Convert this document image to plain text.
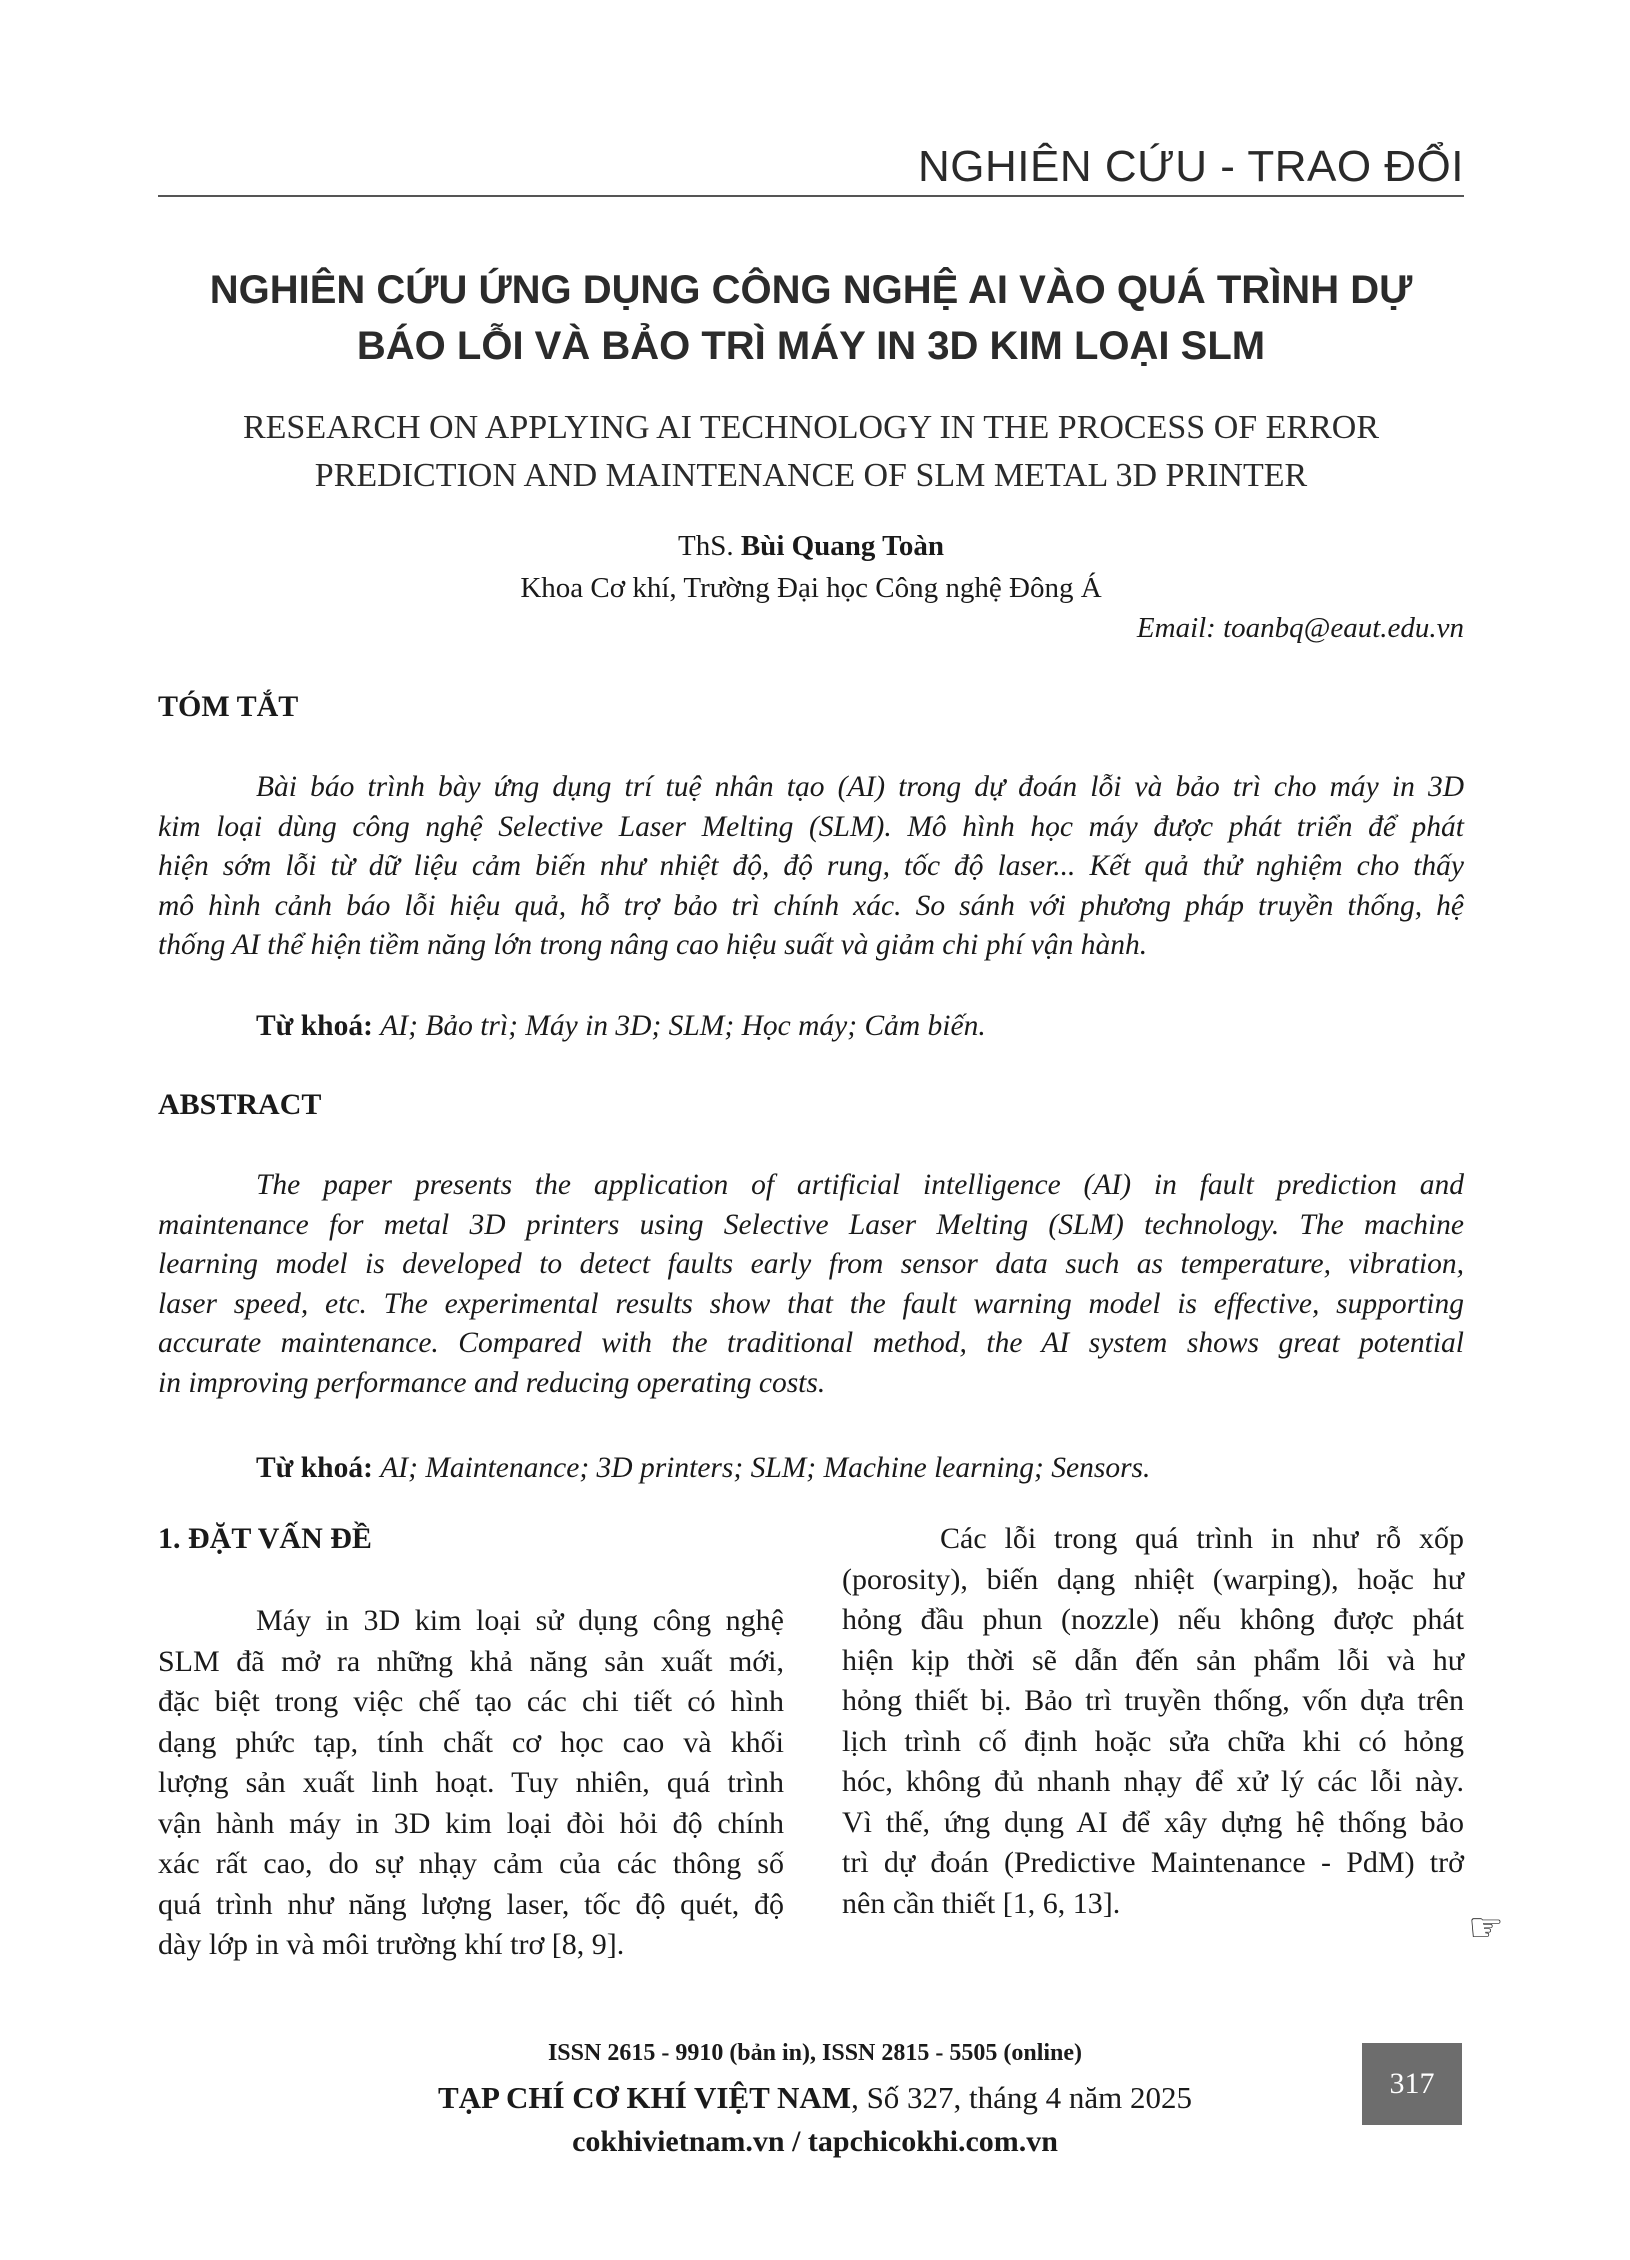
NGHIÊN CỨU - TRAO ĐỔI
NGHIÊN CỨU ỨNG DỤNG CÔNG NGHỆ AI VÀO QUÁ TRÌNH DỰ
BÁO LỖI VÀ BẢO TRÌ MÁY IN 3D KIM LOẠI SLM
RESEARCH ON APPLYING AI TECHNOLOGY IN THE PROCESS OF ERROR
PREDICTION AND MAINTENANCE OF SLM METAL 3D PRINTER
ThS. Bùi Quang Toàn
Khoa Cơ khí, Trường Đại học Công nghệ Đông Á
Email: toanbq@eaut.edu.vn
TÓM TẮT
Bài báo trình bày ứng dụng trí tuệ nhân tạo (AI) trong dự đoán lỗi và bảo trì cho máy in 3D
kim loại dùng công nghệ Selective Laser Melting (SLM). Mô hình học máy được phát triển để phát
hiện sớm lỗi từ dữ liệu cảm biến như nhiệt độ, độ rung, tốc độ laser... Kết quả thử nghiệm cho thấy
mô hình cảnh báo lỗi hiệu quả, hỗ trợ bảo trì chính xác. So sánh với phương pháp truyền thống, hệ
thống AI thể hiện tiềm năng lớn trong nâng cao hiệu suất và giảm chi phí vận hành.
Từ khoá: AI; Bảo trì; Máy in 3D; SLM; Học máy; Cảm biến.
ABSTRACT
The paper presents the application of artificial intelligence (AI) in fault prediction and
maintenance for metal 3D printers using Selective Laser Melting (SLM) technology. The machine
learning model is developed to detect faults early from sensor data such as temperature, vibration,
laser speed, etc. The experimental results show that the fault warning model is effective, supporting
accurate maintenance. Compared with the traditional method, the AI system shows great potential
in improving performance and reducing operating costs.
Từ khoá: AI; Maintenance; 3D printers; SLM; Machine learning; Sensors.
1. ĐẶT VẤN ĐỀ
Máy in 3D kim loại sử dụng công nghệ
SLM đã mở ra những khả năng sản xuất mới,
đặc biệt trong việc chế tạo các chi tiết có hình
dạng phức tạp, tính chất cơ học cao và khối
lượng sản xuất linh hoạt. Tuy nhiên, quá trình
vận hành máy in 3D kim loại đòi hỏi độ chính
xác rất cao, do sự nhạy cảm của các thông số
quá trình như năng lượng laser, tốc độ quét, độ
dày lớp in và môi trường khí trơ [8, 9].
Các lỗi trong quá trình in như rỗ xốp
(porosity), biến dạng nhiệt (warping), hoặc hư
hỏng đầu phun (nozzle) nếu không được phát
hiện kịp thời sẽ dẫn đến sản phẩm lỗi và hư
hỏng thiết bị. Bảo trì truyền thống, vốn dựa trên
lịch trình cố định hoặc sửa chữa khi có hỏng
hóc, không đủ nhanh nhạy để xử lý các lỗi này.
Vì thế, ứng dụng AI để xây dựng hệ thống bảo
trì dự đoán (Predictive Maintenance - PdM) trở
nên cần thiết [1, 6, 13].
☞
ISSN 2615 - 9910 (bản in), ISSN 2815 - 5505 (online)
TẠP CHÍ CƠ KHÍ VIỆT NAM, Số 327, tháng 4 năm 2025
cokhivietnam.vn / tapchicokhi.com.vn
317
